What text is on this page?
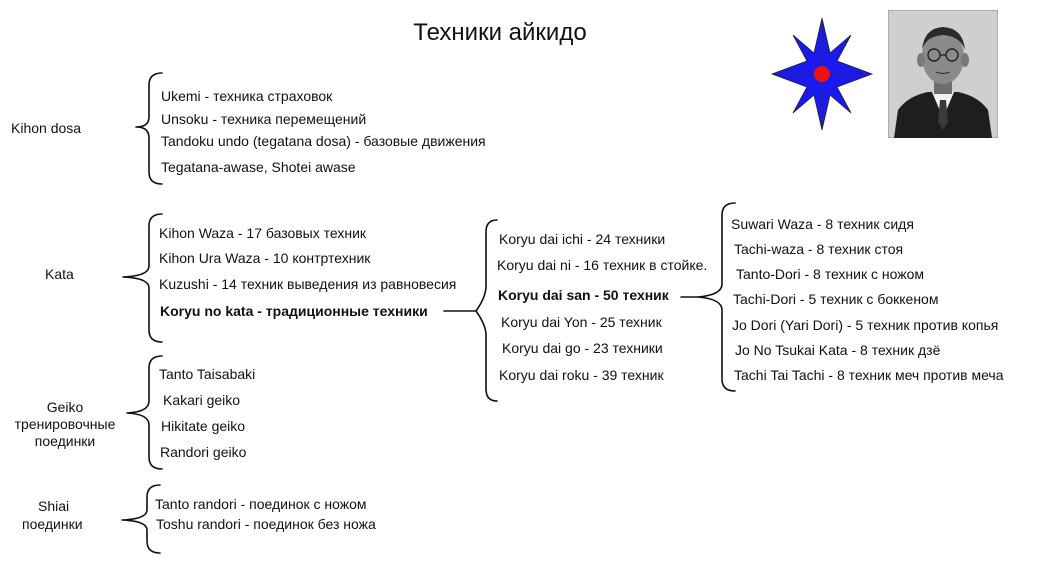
Техники айкидо
Kihon dosa
Kata
Geiko
тренировочные
поединки
Shiai
поединки
Ukemi - техника страховок
Unsoku - техника перемещений
Tandoku undo (tegatana dosa) - базовые движения
Tegatana-awase, Shotei awase
Kihon Waza - 17 базовых техник
Kihon Ura Waza - 10 контртехник
Kuzushi - 14 техник выведения из равновесия
Koryu no kata - традиционные техники
Koryu dai ichi - 24 техники
Koryu dai ni - 16 техник в стойке.
Koryu dai san - 50 техник
Koryu dai Yon - 25 техник
Koryu dai go - 23 техники
Koryu dai roku - 39 техник
Suwari Waza - 8 техник сидя
Tachi-waza - 8 техник стоя
Tanto-Dori - 8 техник с ножом
Tachi-Dori - 5 техник с боккеном
Jo Dori (Yari Dori) - 5 техник против копья
Jo No Tsukai Kata - 8 техник дзё
Tachi Tai Tachi - 8 техник меч против меча
Tanto Taisabaki
Kakari geiko
Hikitate geiko
Randori geiko
Tanto randori - поединок с ножом
Toshu randori - поединок без ножа
